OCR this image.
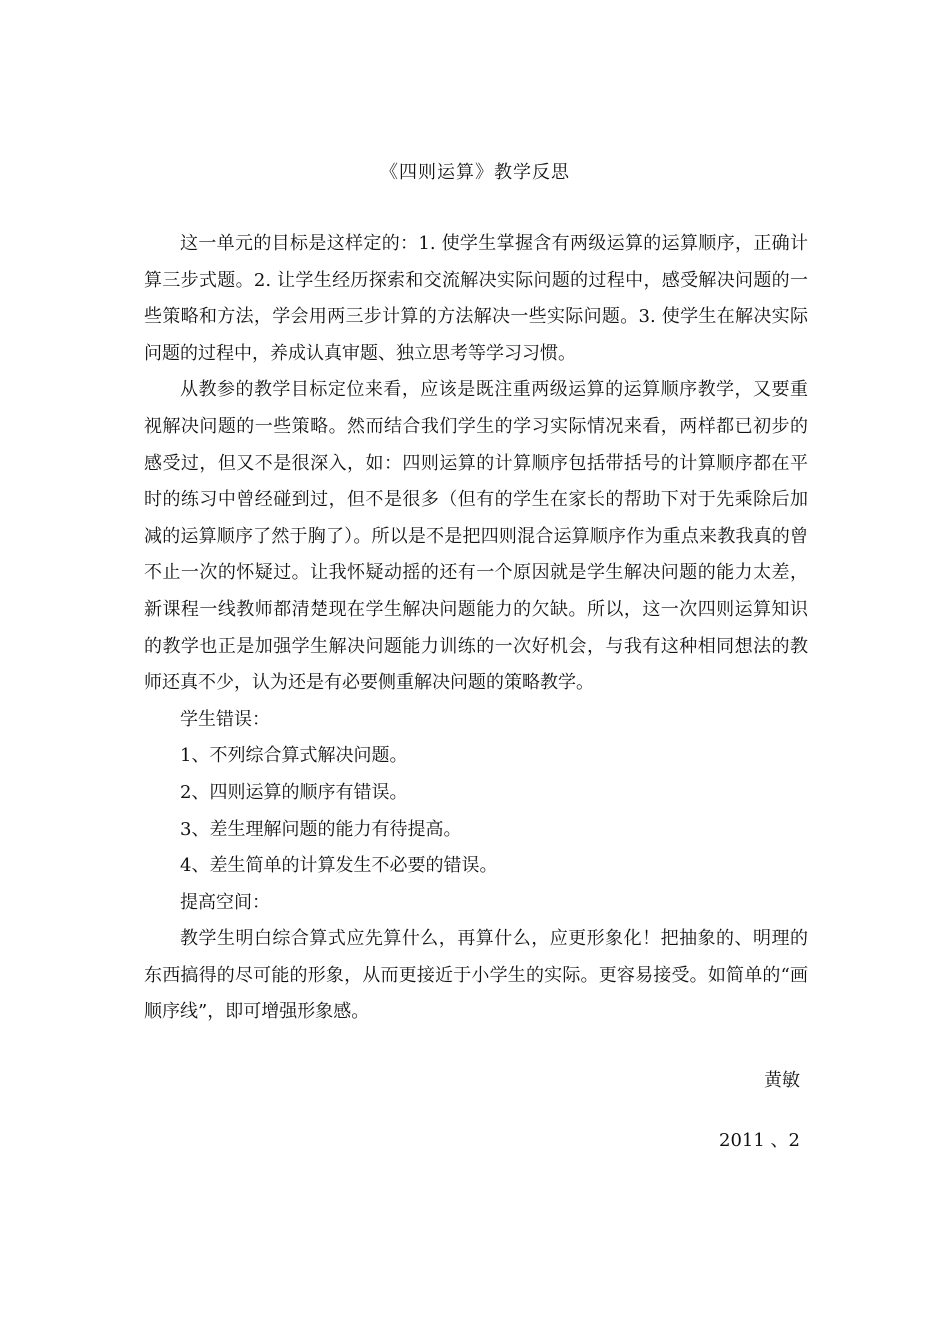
《四则运算》教学反思

这一单元的目标是这样定的：1. 使学生掌握含有两级运算的运算顺序，正确计算三步式题。2. 让学生经历探索和交流解决实际问题的过程中，感受解决问题的一些策略和方法，学会用两三步计算的方法解决一些实际问题。3. 使学生在解决实际问题的过程中，养成认真审题、独立思考等学习习惯。

从教参的教学目标定位来看，应该是既注重两级运算的运算顺序教学，又要重视解决问题的一些策略。然而结合我们学生的学习实际情况来看，两样都已初步的感受过，但又不是很深入，如：四则运算的计算顺序包括带括号的计算顺序都在平时的练习中曾经碰到过，但不是很多（但有的学生在家长的帮助下对于先乘除后加减的运算顺序了然于胸了）。所以是不是把四则混合运算顺序作为重点来教我真的曾不止一次的怀疑过。让我怀疑动摇的还有一个原因就是学生解决问题的能力太差，新课程一线教师都清楚现在学生解决问题能力的欠缺。所以，这一次四则运算知识的教学也正是加强学生解决问题能力训练的一次好机会，与我有这种相同想法的教师还真不少，认为还是有必要侧重解决问题的策略教学。

学生错误：

1、不列综合算式解决问题。

2、四则运算的顺序有错误。

3、差生理解问题的能力有待提高。

4、差生简单的计算发生不必要的错误。

提高空间：

教学生明白综合算式应先算什么，再算什么，应更形象化！把抽象的、明理的东西搞得的尽可能的形象，从而更接近于小学生的实际。更容易接受。如简单的“画顺序线”，即可增强形象感。

黄敏
2011 、2
